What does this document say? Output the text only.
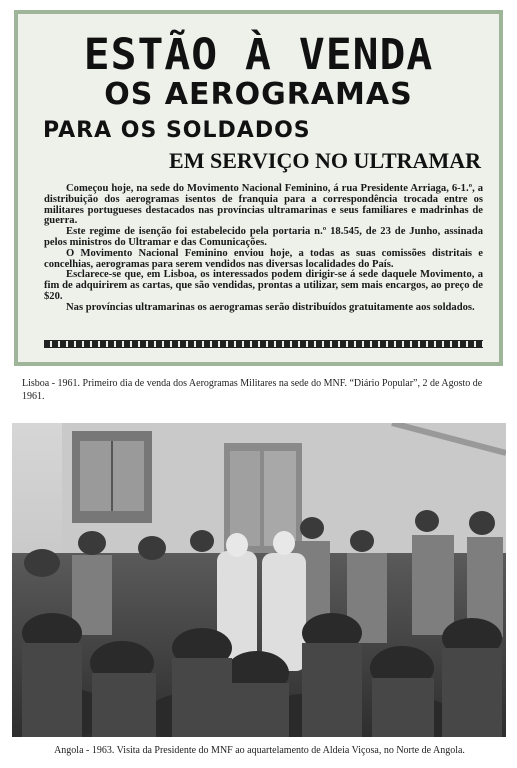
ESTÃO À VENDA
OS AEROGRAMAS
PARA OS SOLDADOS
EM SERVIÇO NO ULTRAMAR

Começou hoje, na sede do Movimento Nacional Feminino, á rua Presidente Arriaga, 6-1.º, a distribuição dos aerogramas isentos de franquia para a correspondência trocada entre os militares portugueses destacados nas províncias ultramarinas e seus familiares e madrinhas de guerra.

Este regime de isenção foi estabelecido pela portaria n.º 18.545, de 23 de Junho, assinada pelos ministros do Ultramar e das Comunicações.

O Movimento Nacional Feminino enviou hoje, a todas as suas comissões distritais e concelhias, aerogramas para serem vendidos nas diversas localidades do País.

Esclarece-se que, em Lisboa, os interessados podem dirigir-se á sede daquele Movimento, a fim de adquirirem as cartas, que são vendidas, prontas a utilizar, sem mais encargos, ao preço de $20.

Nas províncias ultramarinas os aerogramas serão distribuídos gratuitamente aos soldados.

Lisboa - 1961. Primeiro dia de venda dos Aerogramas Militares na sede do MNF. “Diário Popular”, 2 de Agosto de 1961.
Angola - 1963. Visita da Presidente do MNF ao aquartelamento de Aldeia Viçosa, no Norte de Angola.
